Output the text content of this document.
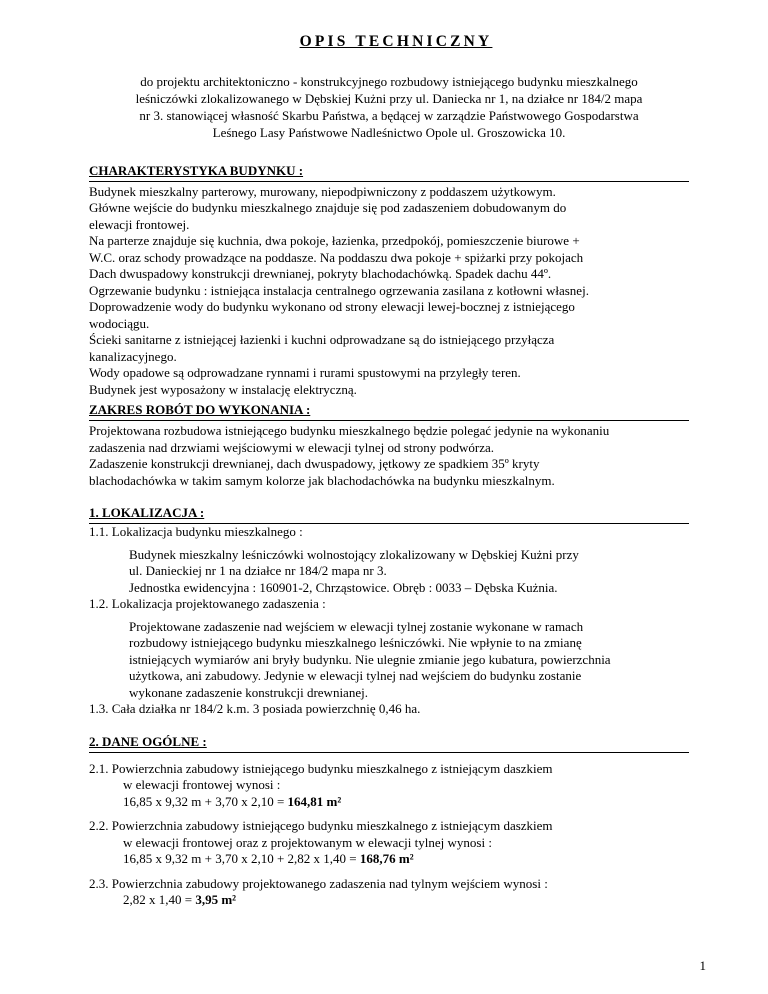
OPIS TECHNICZNY

do projektu architektoniczno - konstrukcyjnego rozbudowy istniejącego budynku mieszkalnego
leśniczówki zlokalizowanego w Dębskiej Kużni przy ul. Daniecka nr 1, na działce nr 184/2 mapa
nr 3. stanowiącej własność Skarbu Państwa, a będącej w zarządzie Państwowego Gospodarstwa
Leśnego Lasy Państwowe Nadleśnictwo Opole ul. Groszowicka 10.
CHARAKTERYSTYKA BUDYNKU :

Budynek mieszkalny parterowy, murowany, niepodpiwniczony z poddaszem użytkowym.

Główne wejście do budynku mieszkalnego znajduje się pod zadaszeniem dobudowanym do

elewacji frontowej.

Na parterze znajduje się kuchnia, dwa pokoje, łazienka, przedpokój, pomieszczenie biurowe +

W.C. oraz schody prowadzące na poddasze. Na poddaszu dwa pokoje + spiżarki przy pokojach

Dach dwuspadowy konstrukcji drewnianej, pokryty blachodachówką. Spadek dachu 44º.

Ogrzewanie budynku : istniejąca instalacja centralnego ogrzewania zasilana z kotłowni własnej.

Doprowadzenie wody do budynku wykonano od strony elewacji lewej-bocznej z istniejącego

wodociągu.

Ścieki sanitarne z istniejącej łazienki i kuchni odprowadzane są do istniejącego przyłącza

kanalizacyjnego.

Wody opadowe są odprowadzane rynnami i rurami spustowymi na przyległy teren.

Budynek jest wyposażony w instalację elektryczną.

ZAKRES ROBÓT DO WYKONANIA :

Projektowana rozbudowa istniejącego budynku mieszkalnego będzie polegać jedynie na wykonaniu

zadaszenia nad drzwiami wejściowymi w elewacji tylnej od strony podwórza.

Zadaszenie konstrukcji drewnianej, dach dwuspadowy, jętkowy ze spadkiem 35º kryty

blachodachówka w takim samym kolorze jak blachodachówka na budynku mieszkalnym.

1. LOKALIZACJA :

1.1. Lokalizacja budynku mieszkalnego :

Budynek mieszkalny leśniczówki wolnostojący zlokalizowany w Dębskiej Kużni przy

ul. Danieckiej nr 1 na działce nr 184/2 mapa nr 3.

Jednostka ewidencyjna : 160901-2, Chrząstowice. Obręb : 0033 – Dębska Kużnia.

1.2. Lokalizacja projektowanego zadaszenia :

Projektowane zadaszenie nad wejściem w elewacji tylnej zostanie wykonane w ramach

rozbudowy istniejącego budynku mieszkalnego leśniczówki. Nie wpłynie to na zmianę

istniejących wymiarów ani bryły budynku. Nie ulegnie zmianie jego kubatura, powierzchnia

użytkowa, ani zabudowy. Jedynie w elewacji tylnej nad wejściem do budynku zostanie

wykonane zadaszenie konstrukcji drewnianej.

1.3. Cała działka nr 184/2 k.m. 3 posiada powierzchnię 0,46 ha.

2. DANE OGÓLNE :

2.1. Powierzchnia zabudowy istniejącego budynku mieszkalnego z istniejącym daszkiem

w elewacji frontowej wynosi :

16,85 x 9,32 m + 3,70 x 2,10 = 164,81 m²

2.2. Powierzchnia zabudowy istniejącego budynku mieszkalnego z istniejącym daszkiem

w elewacji frontowej oraz z projektowanym w elewacji tylnej wynosi :

16,85 x 9,32 m + 3,70 x 2,10 + 2,82 x 1,40 = 168,76 m²

2.3. Powierzchnia zabudowy projektowanego zadaszenia nad tylnym wejściem wynosi :

2,82 x 1,40 = 3,95 m²

1
